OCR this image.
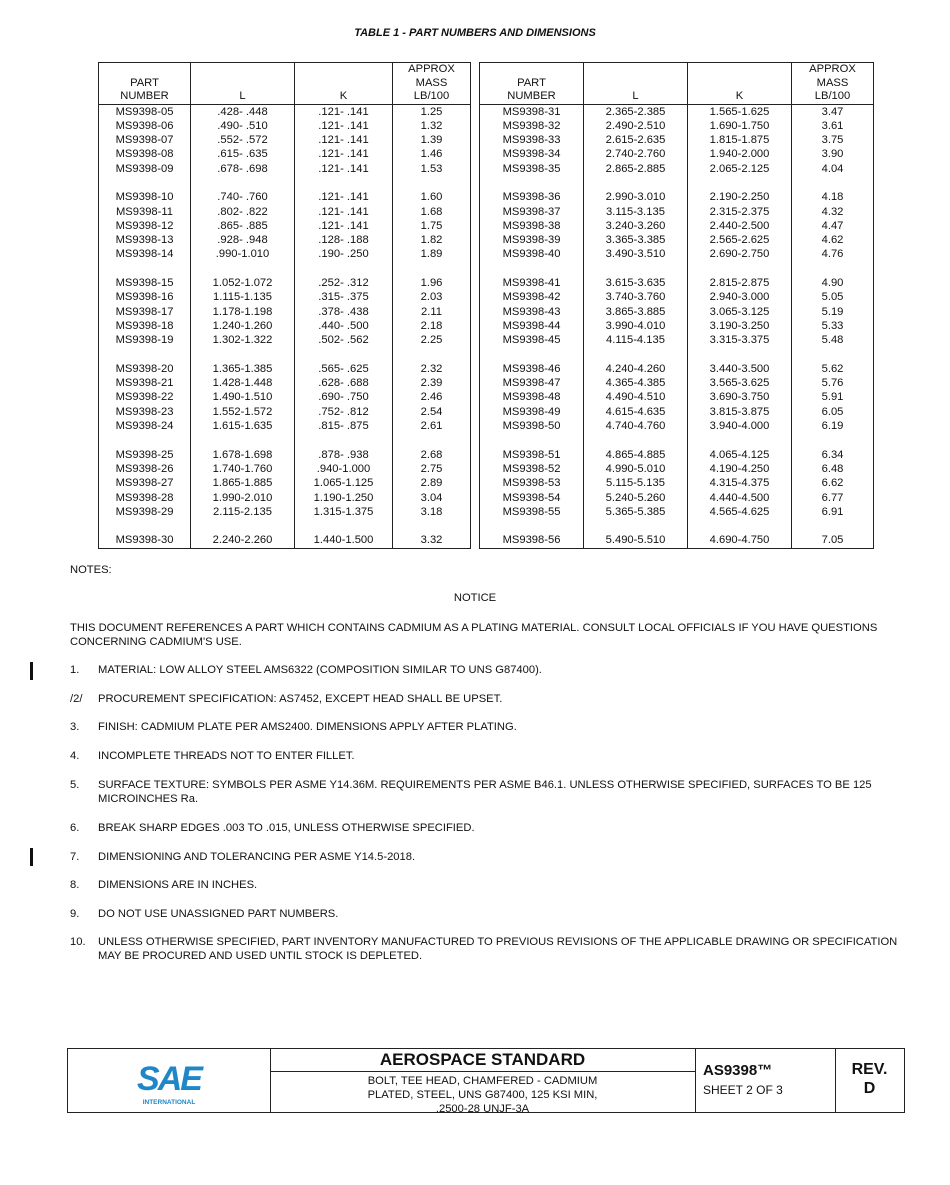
TABLE 1 - PART NUMBERS AND DIMENSIONS

PART
NUMBER	L	K	APPROX
MASS
LB/100
MS9398-05	.428- .448	.121- .141	1.25
MS9398-06	.490- .510	.121- .141	1.32
MS9398-07	.552- .572	.121- .141	1.39
MS9398-08	.615- .635	.121- .141	1.46
MS9398-09	.678- .698	.121- .141	1.53

MS9398-10	.740- .760	.121- .141	1.60
MS9398-11	.802- .822	.121- .141	1.68
MS9398-12	.865- .885	.121- .141	1.75
MS9398-13	.928- .948	.128- .188	1.82
MS9398-14	.990-1.010	.190- .250	1.89

MS9398-15	1.052-1.072	.252- .312	1.96
MS9398-16	1.115-1.135	.315- .375	2.03
MS9398-17	1.178-1.198	.378- .438	2.11
MS9398-18	1.240-1.260	.440- .500	2.18
MS9398-19	1.302-1.322	.502- .562	2.25

MS9398-20	1.365-1.385	.565- .625	2.32
MS9398-21	1.428-1.448	.628- .688	2.39
MS9398-22	1.490-1.510	.690- .750	2.46
MS9398-23	1.552-1.572	.752- .812	2.54
MS9398-24	1.615-1.635	.815- .875	2.61

MS9398-25	1.678-1.698	.878- .938	2.68
MS9398-26	1.740-1.760	.940-1.000	2.75
MS9398-27	1.865-1.885	1.065-1.125	2.89
MS9398-28	1.990-2.010	1.190-1.250	3.04
MS9398-29	2.115-2.135	1.315-1.375	3.18

MS9398-30	2.240-2.260	1.440-1.500	3.32

PART
NUMBER	L	K	APPROX
MASS
LB/100
MS9398-31	2.365-2.385	1.565-1.625	3.47
MS9398-32	2.490-2.510	1.690-1.750	3.61
MS9398-33	2.615-2.635	1.815-1.875	3.75
MS9398-34	2.740-2.760	1.940-2.000	3.90
MS9398-35	2.865-2.885	2.065-2.125	4.04

MS9398-36	2.990-3.010	2.190-2.250	4.18
MS9398-37	3.115-3.135	2.315-2.375	4.32
MS9398-38	3.240-3.260	2.440-2.500	4.47
MS9398-39	3.365-3.385	2.565-2.625	4.62
MS9398-40	3.490-3.510	2.690-2.750	4.76

MS9398-41	3.615-3.635	2.815-2.875	4.90
MS9398-42	3.740-3.760	2.940-3.000	5.05
MS9398-43	3.865-3.885	3.065-3.125	5.19
MS9398-44	3.990-4.010	3.190-3.250	5.33
MS9398-45	4.115-4.135	3.315-3.375	5.48

MS9398-46	4.240-4.260	3.440-3.500	5.62
MS9398-47	4.365-4.385	3.565-3.625	5.76
MS9398-48	4.490-4.510	3.690-3.750	5.91
MS9398-49	4.615-4.635	3.815-3.875	6.05
MS9398-50	4.740-4.760	3.940-4.000	6.19

MS9398-51	4.865-4.885	4.065-4.125	6.34
MS9398-52	4.990-5.010	4.190-4.250	6.48
MS9398-53	5.115-5.135	4.315-4.375	6.62
MS9398-54	5.240-5.260	4.440-4.500	6.77
MS9398-55	5.365-5.385	4.565-4.625	6.91

MS9398-56	5.490-5.510	4.690-4.750	7.05
NOTES:
NOTICE
THIS DOCUMENT REFERENCES A PART WHICH CONTAINS CADMIUM AS A PLATING MATERIAL. CONSULT LOCAL OFFICIALS IF YOU HAVE QUESTIONS CONCERNING CADMIUM'S USE.
1.	MATERIAL: LOW ALLOY STEEL AMS6322 (COMPOSITION SIMILAR TO UNS G87400).
/2/	PROCUREMENT SPECIFICATION: AS7452, EXCEPT HEAD SHALL BE UPSET.
3.	FINISH: CADMIUM PLATE PER AMS2400. DIMENSIONS APPLY AFTER PLATING.
4.	INCOMPLETE THREADS NOT TO ENTER FILLET.
5.	SURFACE TEXTURE: SYMBOLS PER ASME Y14.36M. REQUIREMENTS PER ASME B46.1. UNLESS OTHERWISE SPECIFIED, SURFACES TO BE 125 MICROINCHES Ra.
6.	BREAK SHARP EDGES .003 TO .015, UNLESS OTHERWISE SPECIFIED.
7.	DIMENSIONING AND TOLERANCING PER ASME Y14.5-2018.
8.	DIMENSIONS ARE IN INCHES.
9.	DO NOT USE UNASSIGNED PART NUMBERS.
10.	UNLESS OTHERWISE SPECIFIED, PART INVENTORY MANUFACTURED TO PREVIOUS REVISIONS OF THE APPLICABLE DRAWING OR SPECIFICATION MAY BE PROCURED AND USED UNTIL STOCK IS DEPLETED.
SAE
INTERNATIONAL
AEROSPACE STANDARD
BOLT, TEE HEAD, CHAMFERED - CADMIUM
PLATED, STEEL, UNS G87400, 125 KSI MIN,
.2500-28 UNJF-3A
AS9398™
SHEET 2 OF 3
REV.
D
